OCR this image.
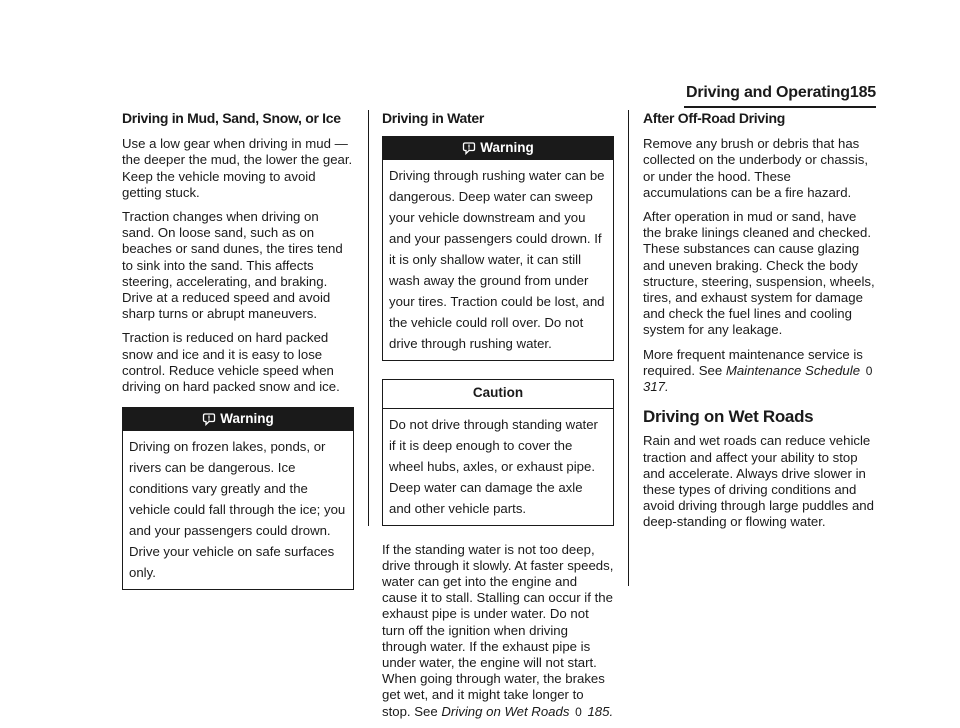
Driving and Operating 185
Driving in Mud, Sand, Snow, or Ice

Use a low gear when driving in mud — the deeper the mud, the lower the gear. Keep the vehicle moving to avoid getting stuck.

Traction changes when driving on sand. On loose sand, such as on beaches or sand dunes, the tires tend to sink into the sand. This affects steering, accelerating, and braking. Drive at a reduced speed and avoid sharp turns or abrupt maneuvers.

Traction is reduced on hard packed snow and ice and it is easy to lose control. Reduce vehicle speed when driving on hard packed snow and ice.

Warning
Driving on frozen lakes, ponds, or rivers can be dangerous. Ice conditions vary greatly and the vehicle could fall through the ice; you and your passengers could drown. Drive your vehicle on safe surfaces only.
Driving in Water
Warning
Driving through rushing water can be dangerous. Deep water can sweep your vehicle downstream and you and your passengers could drown. If it is only shallow water, it can still wash away the ground from under your tires. Traction could be lost, and the vehicle could roll over. Do not drive through rushing water.
Caution
Do not drive through standing water if it is deep enough to cover the wheel hubs, axles, or exhaust pipe. Deep water can damage the axle and other vehicle parts.

If the standing water is not too deep, drive through it slowly. At faster speeds, water can get into the engine and cause it to stall. Stalling can occur if the exhaust pipe is under water. Do not turn off the ignition when driving through water. If the exhaust pipe is under water, the engine will not start. When going through water, the brakes get wet, and it might take longer to stop. See Driving on Wet Roads 0 185.

After Off-Road Driving

Remove any brush or debris that has collected on the underbody or chassis, or under the hood. These accumulations can be a fire hazard.

After operation in mud or sand, have the brake linings cleaned and checked. These substances can cause glazing and uneven braking. Check the body structure, steering, suspension, wheels, tires, and exhaust system for damage and check the fuel lines and cooling system for any leakage.

More frequent maintenance service is required. See Maintenance Schedule 0 317.

Driving on Wet Roads

Rain and wet roads can reduce vehicle traction and affect your ability to stop and accelerate. Always drive slower in these types of driving conditions and avoid driving through large puddles and deep-standing or flowing water.
